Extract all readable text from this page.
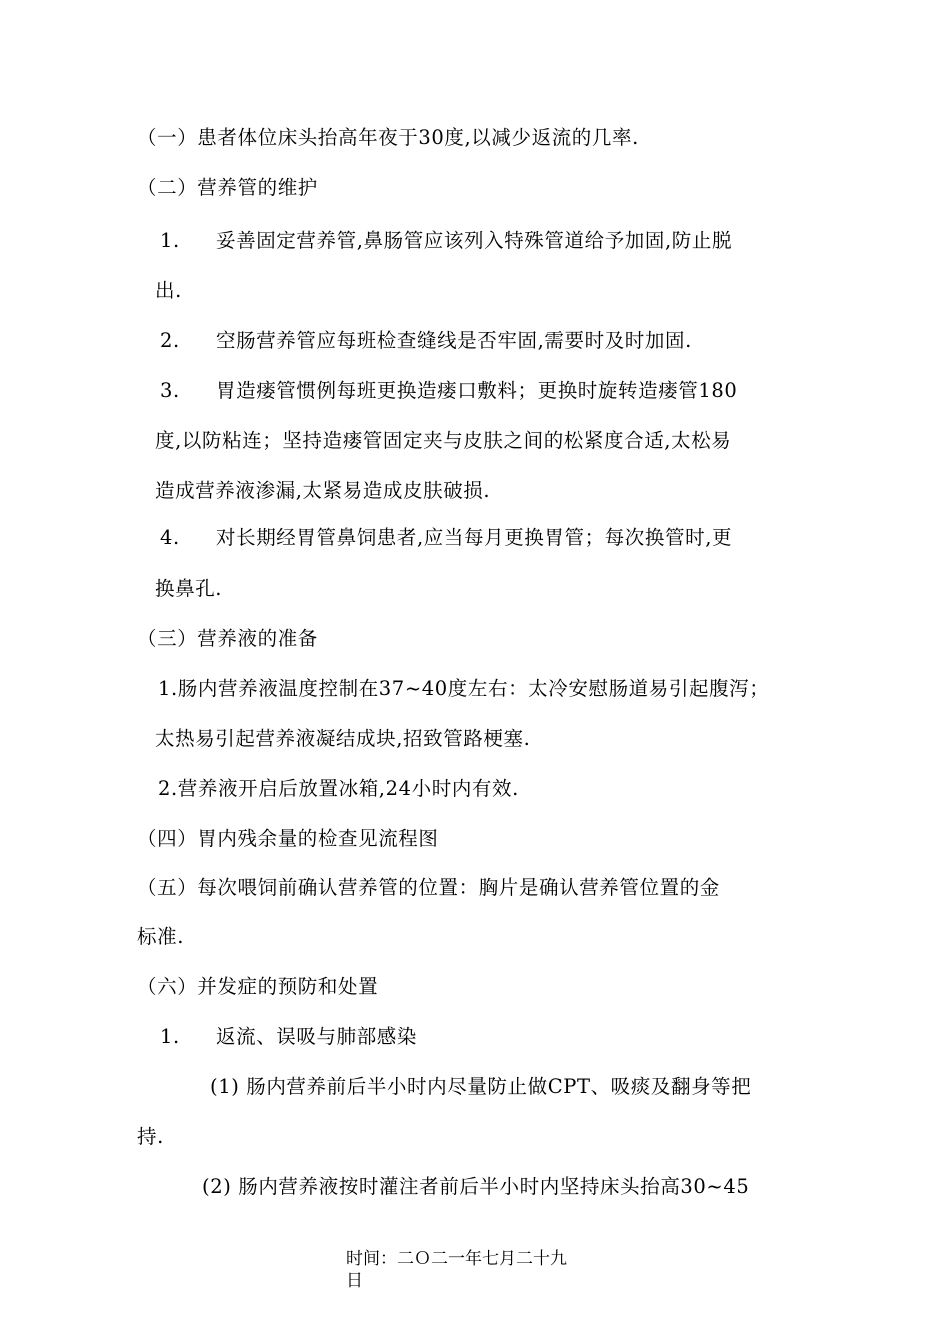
（一）患者体位床头抬高年夜于30度,以减少返流的几率.
（二）营养管的维护
1. 妥善固定营养管,鼻肠管应该列入特殊管道给予加固,防止脱
出.
2. 空肠营养管应每班检查缝线是否牢固,需要时及时加固.
3. 胃造瘘管惯例每班更换造瘘口敷料；更换时旋转造瘘管180
度,以防粘连；坚持造瘘管固定夹与皮肤之间的松紧度合适,太松易
造成营养液渗漏,太紧易造成皮肤破损.
4. 对长期经胃管鼻饲患者,应当每月更换胃管；每次换管时,更
换鼻孔.
（三）营养液的准备
1.肠内营养液温度控制在37~40度左右：太冷安慰肠道易引起腹泻；
太热易引起营养液凝结成块,招致管路梗塞.
2.营养液开启后放置冰箱,24小时内有效.
（四）胃内残余量的检查见流程图
（五）每次喂饲前确认营养管的位置：胸片是确认营养管位置的金
标准.
（六）并发症的预防和处置
1. 返流、误吸与肺部感染
(1) 肠内营养前后半小时内尽量防止做CPT、吸痰及翻身等把
持.
(2) 肠内营养液按时灌注者前后半小时内坚持床头抬高30~45
时间：二Ｏ二一年七月二十九
日
